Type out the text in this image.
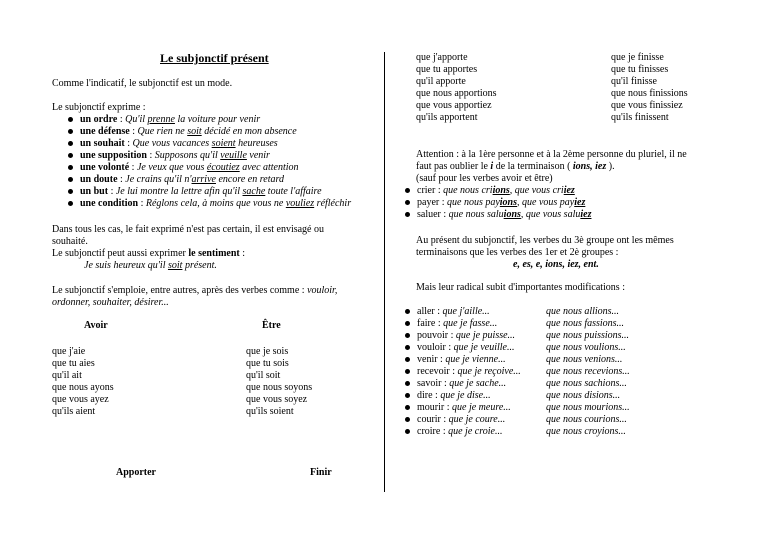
Le subjonctif présent
Comme l'indicatif, le subjonctif est un mode.
Le subjonctif exprime :
un ordre : Qu'il prenne la voiture pour venir
une défense : Que rien ne soit décidé en mon absence
un souhait : Que vous vacances soient heureuses
une supposition : Supposons qu'il veuille venir
une volonté : Je veux que vous écoutiez avec attention
un doute : Je crains qu'il n'arrive encore en retard
un but : Je lui montre la lettre afin qu'il sache toute l'affaire
une condition : Réglons cela, à moins que vous ne vouliez réfléchir
Dans tous les cas, le fait exprimé n'est pas certain, il est envisagé ou
souhaité.
Le subjonctif peut aussi exprimer le sentiment :
Je suis heureux qu'il soit présent.
Le subjonctif s'emploie, entre autres, après des verbes comme : vouloir,
ordonner, souhaiter, désirer...
Avoir	Être
que j'aie
que tu aies
qu'il ait
que nous ayons
que vous ayez
qu'ils aient
que je sois
que tu sois
qu'il soit
que nous soyons
que vous soyez
qu'ils soient
Apporter	Finir
que j'apporte
que tu apportes
qu'il apporte
que nous apportions
que vous apportiez
qu'ils apportent
que je finisse
que tu finisses
qu'il finisse
que nous finissions
que vous finissiez
qu'ils finissent
Attention : à la 1ère personne et à la 2ème personne du pluriel, il ne
faut pas oublier le i de la terminaison ( ions, iez ).
(sauf pour les verbes avoir et être)
crier : que nous criions, que vous criiez
payer : que nous payions, que vous payiez
saluer : que nous saluions, que vous saluiez
Au présent du subjonctif, les verbes du 3è groupe ont les mêmes
terminaisons que les verbes des 1er et 2è groupes :
e, es, e, ions, iez, ent.
Mais leur radical subit d'importantes modifications :
aller : que j'aille...
faire : que je fasse...
pouvoir : que je puisse...
vouloir : que je veuille...
venir : que je vienne...
recevoir : que je reçoive...
savoir : que je sache...
dire : que je dise...
mourir : que je meure...
courir : que je coure...
croire : que je croie...
que nous allions...
que nous fassions...
que nous puissions...
que nous voulions...
que nous venions...
que nous recevions...
que nous sachions...
que nous disions...
que nous mourions...
que nous courions...
que nous croyions...
